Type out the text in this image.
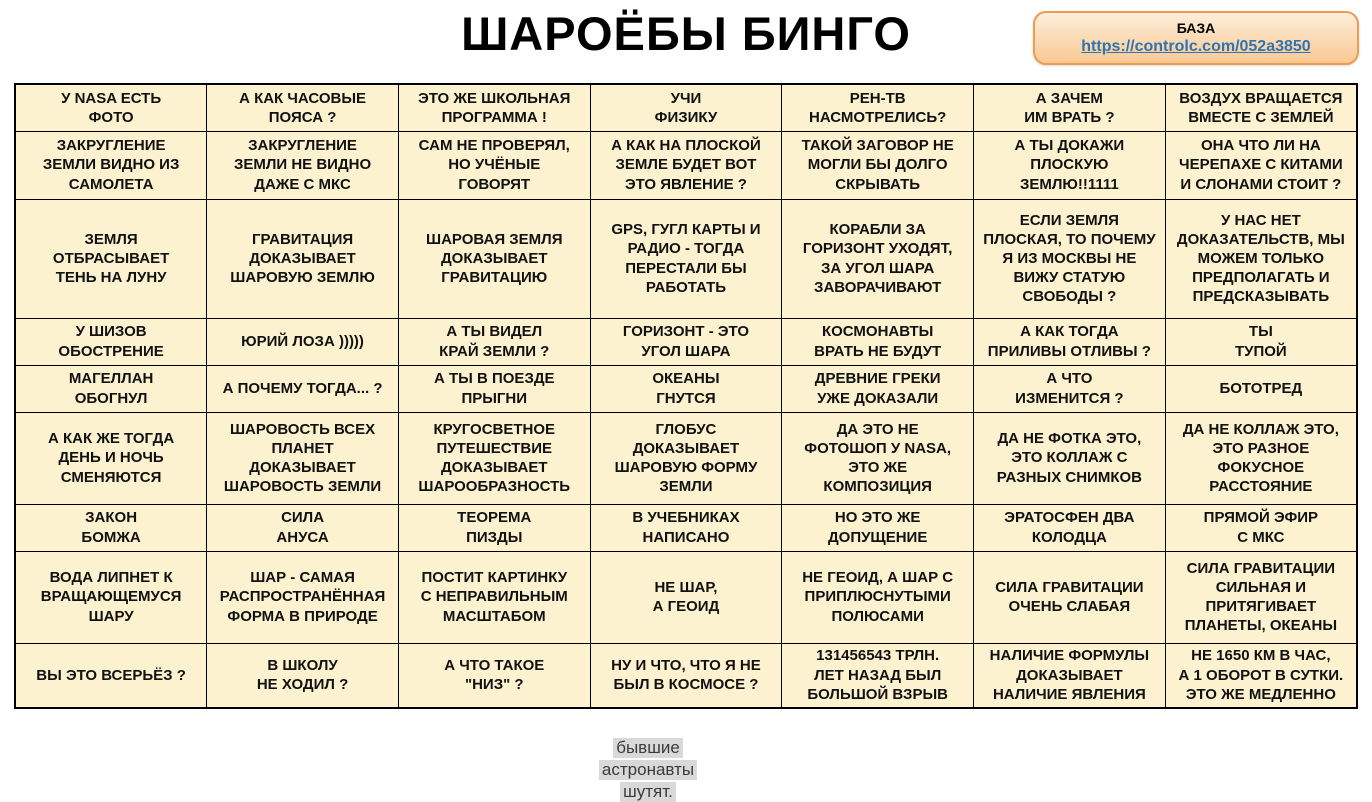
ШАРОЁБЫ БИНГО	БАЗА
https://controlc.com/052a3850
У NASA ЕСТЬ
ФОТО	А КАК ЧАСОВЫЕ
ПОЯСА ?	ЭТО ЖЕ ШКОЛЬНАЯ
ПРОГРАММА !	УЧИ
ФИЗИКУ	РЕН-ТВ
НАСМОТРЕЛИСЬ?	А ЗАЧЕМ
ИМ ВРАТЬ ?	ВОЗДУХ ВРАЩАЕТСЯ
ВМЕСТЕ С ЗЕМЛЕЙ
ЗАКРУГЛЕНИЕ
ЗЕМЛИ ВИДНО ИЗ
САМОЛЕТА	ЗАКРУГЛЕНИЕ
ЗЕМЛИ НЕ ВИДНО
ДАЖЕ С МКС	САМ НЕ ПРОВЕРЯЛ,
НО УЧЁНЫЕ
ГОВОРЯТ	А КАК НА ПЛОСКОЙ
ЗЕМЛЕ БУДЕТ ВОТ
ЭТО ЯВЛЕНИЕ ?	ТАКОЙ ЗАГОВОР НЕ
МОГЛИ БЫ ДОЛГО
СКРЫВАТЬ	А ТЫ ДОКАЖИ
ПЛОСКУЮ
ЗЕМЛЮ!!1111	ОНА ЧТО ЛИ НА
ЧЕРЕПАХЕ С КИТАМИ
И СЛОНАМИ СТОИТ ?
ЗЕМЛЯ
ОТБРАСЫВАЕТ
ТЕНЬ НА ЛУНУ	ГРАВИТАЦИЯ
ДОКАЗЫВАЕТ
ШАРОВУЮ ЗЕМЛЮ	ШАРОВАЯ ЗЕМЛЯ
ДОКАЗЫВАЕТ
ГРАВИТАЦИЮ	GPS, ГУГЛ КАРТЫ И
РАДИО - ТОГДА
ПЕРЕСТАЛИ БЫ
РАБОТАТЬ	КОРАБЛИ ЗА
ГОРИЗОНТ УХОДЯТ,
ЗА УГОЛ ШАРА
ЗАВОРАЧИВАЮТ	ЕСЛИ ЗЕМЛЯ
ПЛОСКАЯ, ТО ПОЧЕМУ
Я ИЗ МОСКВЫ НЕ
ВИЖУ СТАТУЮ
СВОБОДЫ ?	У НАС НЕТ
ДОКАЗАТЕЛЬСТВ, МЫ
МОЖЕМ ТОЛЬКО
ПРЕДПОЛАГАТЬ И
ПРЕДСКАЗЫВАТЬ
У ШИЗОВ
ОБОСТРЕНИЕ	ЮРИЙ ЛОЗА )))))	А ТЫ ВИДЕЛ
КРАЙ ЗЕМЛИ ?	ГОРИЗОНТ - ЭТО
УГОЛ ШАРА	КОСМОНАВТЫ
ВРАТЬ НЕ БУДУТ	А КАК ТОГДА
ПРИЛИВЫ ОТЛИВЫ ?	ТЫ
ТУПОЙ
МАГЕЛЛАН
ОБОГНУЛ	А ПОЧЕМУ ТОГДА... ?	А ТЫ В ПОЕЗДЕ
ПРЫГНИ	ОКЕАНЫ
ГНУТСЯ	ДРЕВНИЕ ГРЕКИ
УЖЕ ДОКАЗАЛИ	А ЧТО
ИЗМЕНИТСЯ ?	БОТОТРЕД
А КАК ЖЕ ТОГДА
ДЕНЬ И НОЧЬ
СМЕНЯЮТСЯ	ШАРОВОСТЬ ВСЕХ
ПЛАНЕТ
ДОКАЗЫВАЕТ
ШАРОВОСТЬ ЗЕМЛИ	КРУГОСВЕТНОЕ
ПУТЕШЕСТВИЕ
ДОКАЗЫВАЕТ
ШАРООБРАЗНОСТЬ	ГЛОБУС
ДОКАЗЫВАЕТ
ШАРОВУЮ ФОРМУ
ЗЕМЛИ	ДА ЭТО НЕ
ФОТОШОП У NASA,
ЭТО ЖЕ
КОМПОЗИЦИЯ	ДА НЕ ФОТКА ЭТО,
ЭТО КОЛЛАЖ С
РАЗНЫХ СНИМКОВ	ДА НЕ КОЛЛАЖ ЭТО,
ЭТО РАЗНОЕ
ФОКУСНОЕ
РАССТОЯНИЕ
ЗАКОН
БОМЖА	СИЛА
АНУСА	ТЕОРЕМА
ПИЗДЫ	В УЧЕБНИКАХ
НАПИСАНО	НО ЭТО ЖЕ
ДОПУЩЕНИЕ	ЭРАТОСФЕН ДВА
КОЛОДЦА	ПРЯМОЙ ЭФИР
С МКС
ВОДА ЛИПНЕТ К
ВРАЩАЮЩЕМУСЯ
ШАРУ	ШАР - САМАЯ
РАСПРОСТРАНЁННАЯ
ФОРМА В ПРИРОДЕ	ПОСТИТ КАРТИНКУ
С НЕПРАВИЛЬНЫМ
МАСШТАБОМ	НЕ ШАР,
А ГЕОИД	НЕ ГЕОИД, А ШАР С
ПРИПЛЮСНУТЫМИ
ПОЛЮСАМИ	СИЛА ГРАВИТАЦИИ
ОЧЕНЬ СЛАБАЯ	СИЛА ГРАВИТАЦИИ
СИЛЬНАЯ И
ПРИТЯГИВАЕТ
ПЛАНЕТЫ, ОКЕАНЫ
ВЫ ЭТО ВСЕРЬЁЗ ?	В ШКОЛУ
НЕ ХОДИЛ ?	А ЧТО ТАКОЕ
"НИЗ" ?	НУ И ЧТО, ЧТО Я НЕ
БЫЛ В КОСМОСЕ ?	131456543 ТРЛН.
ЛЕТ НАЗАД БЫЛ
БОЛЬШОЙ ВЗРЫВ	НАЛИЧИЕ ФОРМУЛЫ
ДОКАЗЫВАЕТ
НАЛИЧИЕ ЯВЛЕНИЯ	НЕ 1650 КМ В ЧАС,
А 1 ОБОРОТ В СУТКИ.
ЭТО ЖЕ МЕДЛЕННО
бывшие
астронавты
шутят.
